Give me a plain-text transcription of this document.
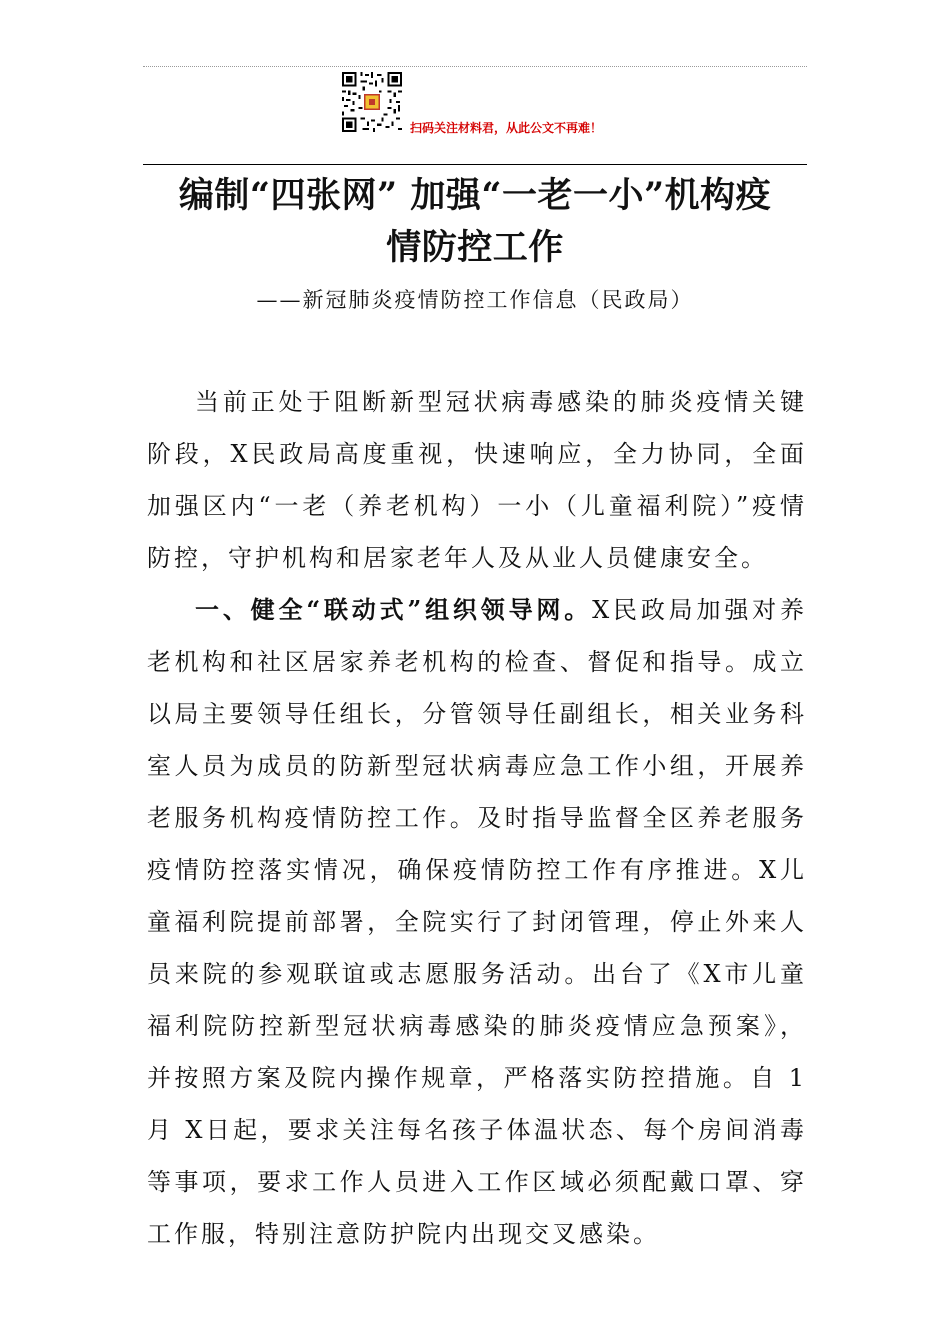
扫码关注材料君，从此公文不再难！
编制“四张网” 加强“一老一小”机构疫
情防控工作

——新冠肺炎疫情防控工作信息（民政局）

当前正处于阻断新型冠状病毒感染的肺炎疫情关键阶段，X民政局高度重视，快速响应，全力协同，全面加强区内“一老（养老机构）一小（儿童福利院）”疫情防控，守护机构和居家老年人及从业人员健康安全。

一、健全“联动式”组织领导网。X民政局加强对养老机构和社区居家养老机构的检查、督促和指导。成立以局主要领导任组长，分管领导任副组长，相关业务科室人员为成员的防新型冠状病毒应急工作小组，开展养老服务机构疫情防控工作。及时指导监督全区养老服务疫情防控落实情况，确保疫情防控工作有序推进。X儿童福利院提前部署，全院实行了封闭管理，停止外来人员来院的参观联谊或志愿服务活动。出台了《X市儿童福利院防控新型冠状病毒感染的肺炎疫情应急预案》，并按照方案及院内操作规章，严格落实防控措施。自 1月 X日起，要求关注每名孩子体温状态、每个房间消毒等事项，要求工作人员进入工作区域必须配戴口罩、穿工作服，特别注意防护院内出现交叉感染。
